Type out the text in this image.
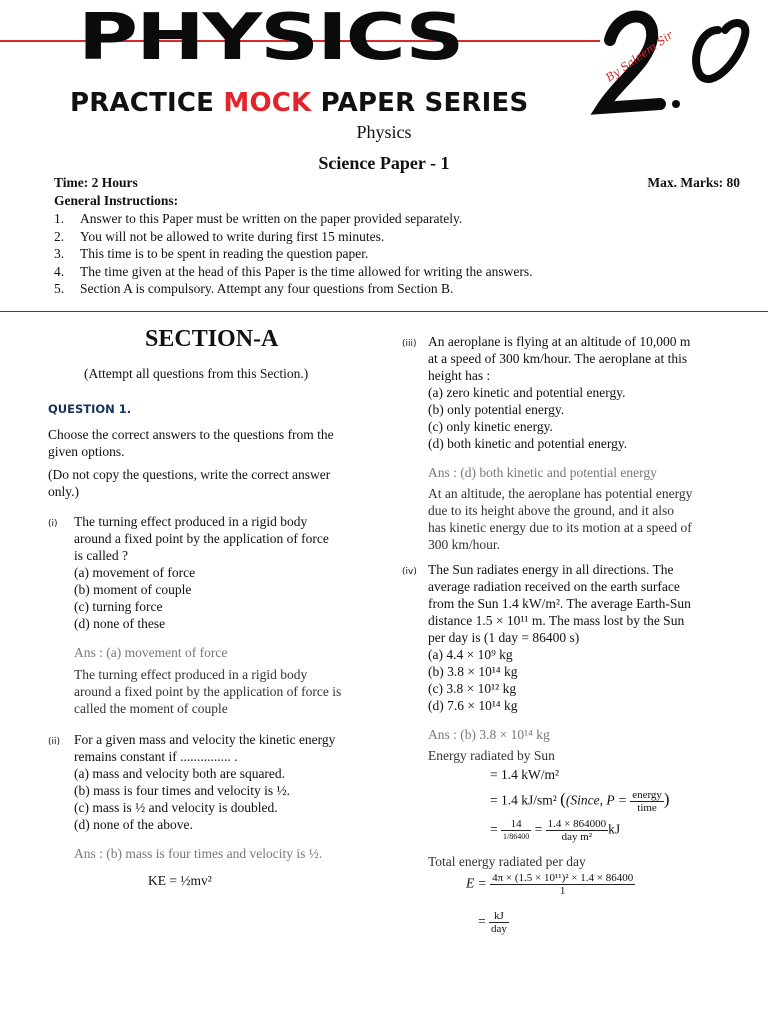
PHYSICS	By Saleem Sir
PRACTICE MOCK PAPER SERIES
Physics
Science Paper - 1
Time: 2 Hours	Max. Marks: 80
General Instructions:
1. Answer to this Paper must be written on the paper provided separately.
2. You will not be allowed to write during first 15 minutes.
3. This time is to be spent in reading the question paper.
4. The time given at the head of this Paper is the time allowed for writing the answers.
5. Section A is compulsory. Attempt any four questions from Section B.
SECTION-A
(Attempt all questions from this Section.)
QUESTION 1.
Choose the correct answers to the questions from the
given options.
(Do not copy the questions, write the correct answer
only.)
(i) The turning effect produced in a rigid body
around a fixed point by the application of force
is called ?
(a) movement of force
(b) moment of couple
(c) turning force
(d) none of these
Ans : (a) movement of force
The turning effect produced in a rigid body
around a fixed point by the application of force is
called the moment of couple
(ii) For a given mass and velocity the kinetic energy
remains constant if ............... .
(a) mass and velocity both are squared.
(b) mass is four times and velocity is ½.
(c) mass is ½ and velocity is doubled.
(d) none of the above.
Ans : (b) mass is four times and velocity is ½.
KE = ½mv²
(iii) An aeroplane is flying at an altitude of 10,000 m
at a speed of 300 km/hour. The aeroplane at this
height has :
(a) zero kinetic and potential energy.
(b) only potential energy.
(c) only kinetic energy.
(d) both kinetic and potential energy.
Ans : (d) both kinetic and potential energy
At an altitude, the aeroplane has potential energy
due to its height above the ground, and it also
has kinetic energy due to its motion at a speed of
300 km/hour.
(iv) The Sun radiates energy in all directions. The
average radiation received on the earth surface
from the Sun 1.4 kW/m². The average Earth-Sun
distance 1.5 × 10¹¹ m. The mass lost by the Sun
per day is (1 day = 86400 s)
(a) 4.4 × 10⁹ kg
(b) 3.8 × 10¹⁴ kg
(c) 3.8 × 10¹² kg
(d) 7.6 × 10¹⁴ kg
Ans : (b) 3.8 × 10¹⁴ kg
Energy radiated by Sun
= 1.4 kW/m²
= 1.4 kJ/sm² ((Since, $P = \frac{\text{energy}}{\text{time}}$ )
= $\frac{14}{1/86400} = \frac{1.4 \times 864000}{\text{day m²}}$ kJ
Total energy radiated per day
$E = \frac{\text{4π × (1.5 × 10¹¹)² × 1.4 × 86400}}{1}$
= $\frac{kJ}{\text{day}}$
